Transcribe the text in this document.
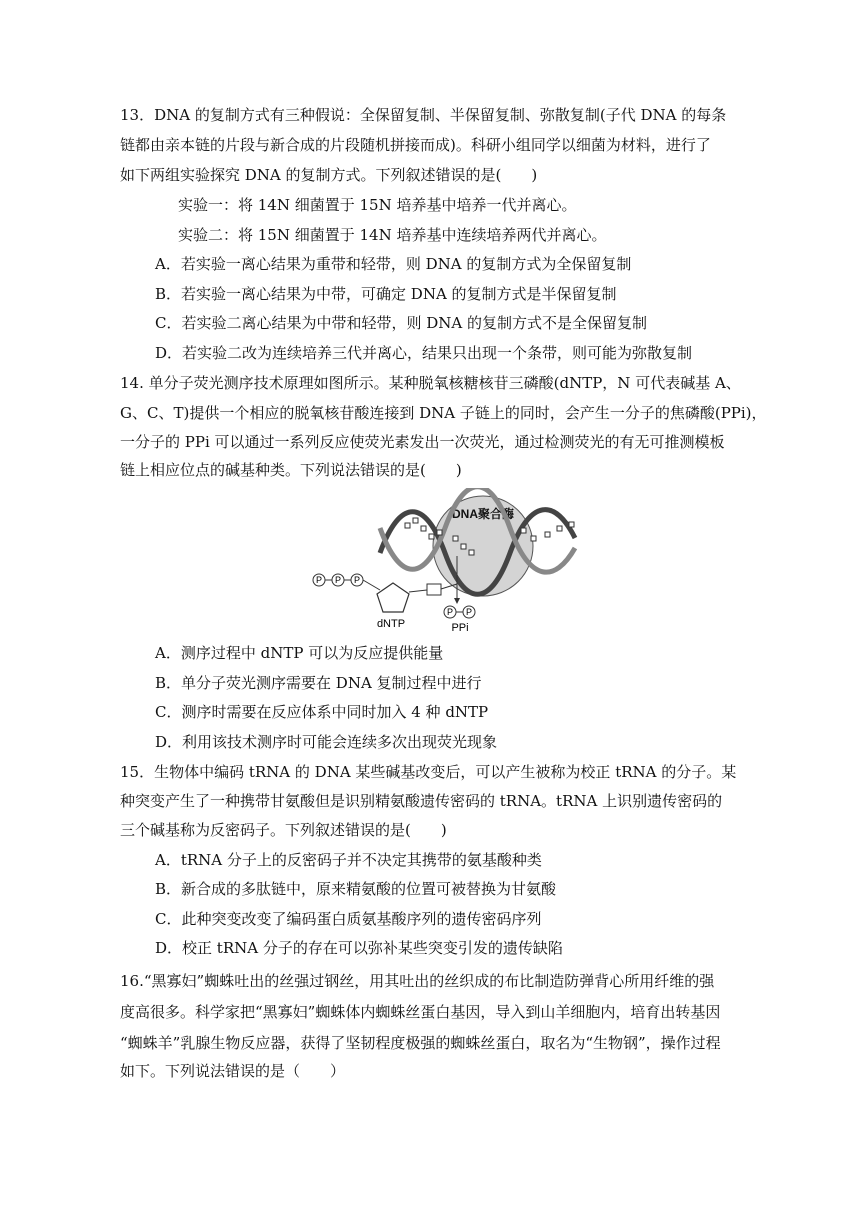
13．DNA 的复制方式有三种假说：全保留复制、半保留复制、弥散复制(子代 DNA 的每条
链都由亲本链的片段与新合成的片段随机拼接而成)。科研小组同学以细菌为材料，进行了
如下两组实验探究 DNA 的复制方式。下列叙述错误的是(　　)
实验一：将 14N 细菌置于 15N 培养基中培养一代并离心。
实验二：将 15N 细菌置于 14N 培养基中连续培养两代并离心。
A．若实验一离心结果为重带和轻带，则 DNA 的复制方式为全保留复制
B．若实验一离心结果为中带，可确定 DNA 的复制方式是半保留复制
C．若实验二离心结果为中带和轻带，则 DNA 的复制方式不是全保留复制
D．若实验二改为连续培养三代并离心，结果只出现一个条带，则可能为弥散复制
14. 单分子荧光测序技术原理如图所示。某种脱氧核糖核苷三磷酸(dNTP，N 可代表碱基 A、
G、C、T)提供一个相应的脱氧核苷酸连接到 DNA 子链上的同时，会产生一分子的焦磷酸(PPi)，
一分子的 PPi 可以通过一系列反应使荧光素发出一次荧光，通过检测荧光的有无可推测模板
链上相应位点的碱基种类。下列说法错误的是(　　)
DNA聚合酶
P P P
dNTP
P P
PPi
A．测序过程中 dNTP 可以为反应提供能量
B．单分子荧光测序需要在 DNA 复制过程中进行
C．测序时需要在反应体系中同时加入 4 种 dNTP
D．利用该技术测序时可能会连续多次出现荧光现象
15．生物体中编码 tRNA 的 DNA 某些碱基改变后，可以产生被称为校正 tRNA 的分子。某
种突变产生了一种携带甘氨酸但是识别精氨酸遗传密码的 tRNA。tRNA 上识别遗传密码的
三个碱基称为反密码子。下列叙述错误的是(　　)
A．tRNA 分子上的反密码子并不决定其携带的氨基酸种类
B．新合成的多肽链中，原来精氨酸的位置可被替换为甘氨酸
C．此种突变改变了编码蛋白质氨基酸序列的遗传密码序列
D．校正 tRNA 分子的存在可以弥补某些突变引发的遗传缺陷
16.“黑寡妇”蜘蛛吐出的丝强过钢丝，用其吐出的丝织成的布比制造防弹背心所用纤维的强
度高很多。科学家把“黑寡妇”蜘蛛体内蜘蛛丝蛋白基因，导入到山羊细胞内，培育出转基因
“蜘蛛羊”乳腺生物反应器，获得了坚韧程度极强的蜘蛛丝蛋白，取名为“生物钢”，操作过程
如下。下列说法错误的是（　　）
